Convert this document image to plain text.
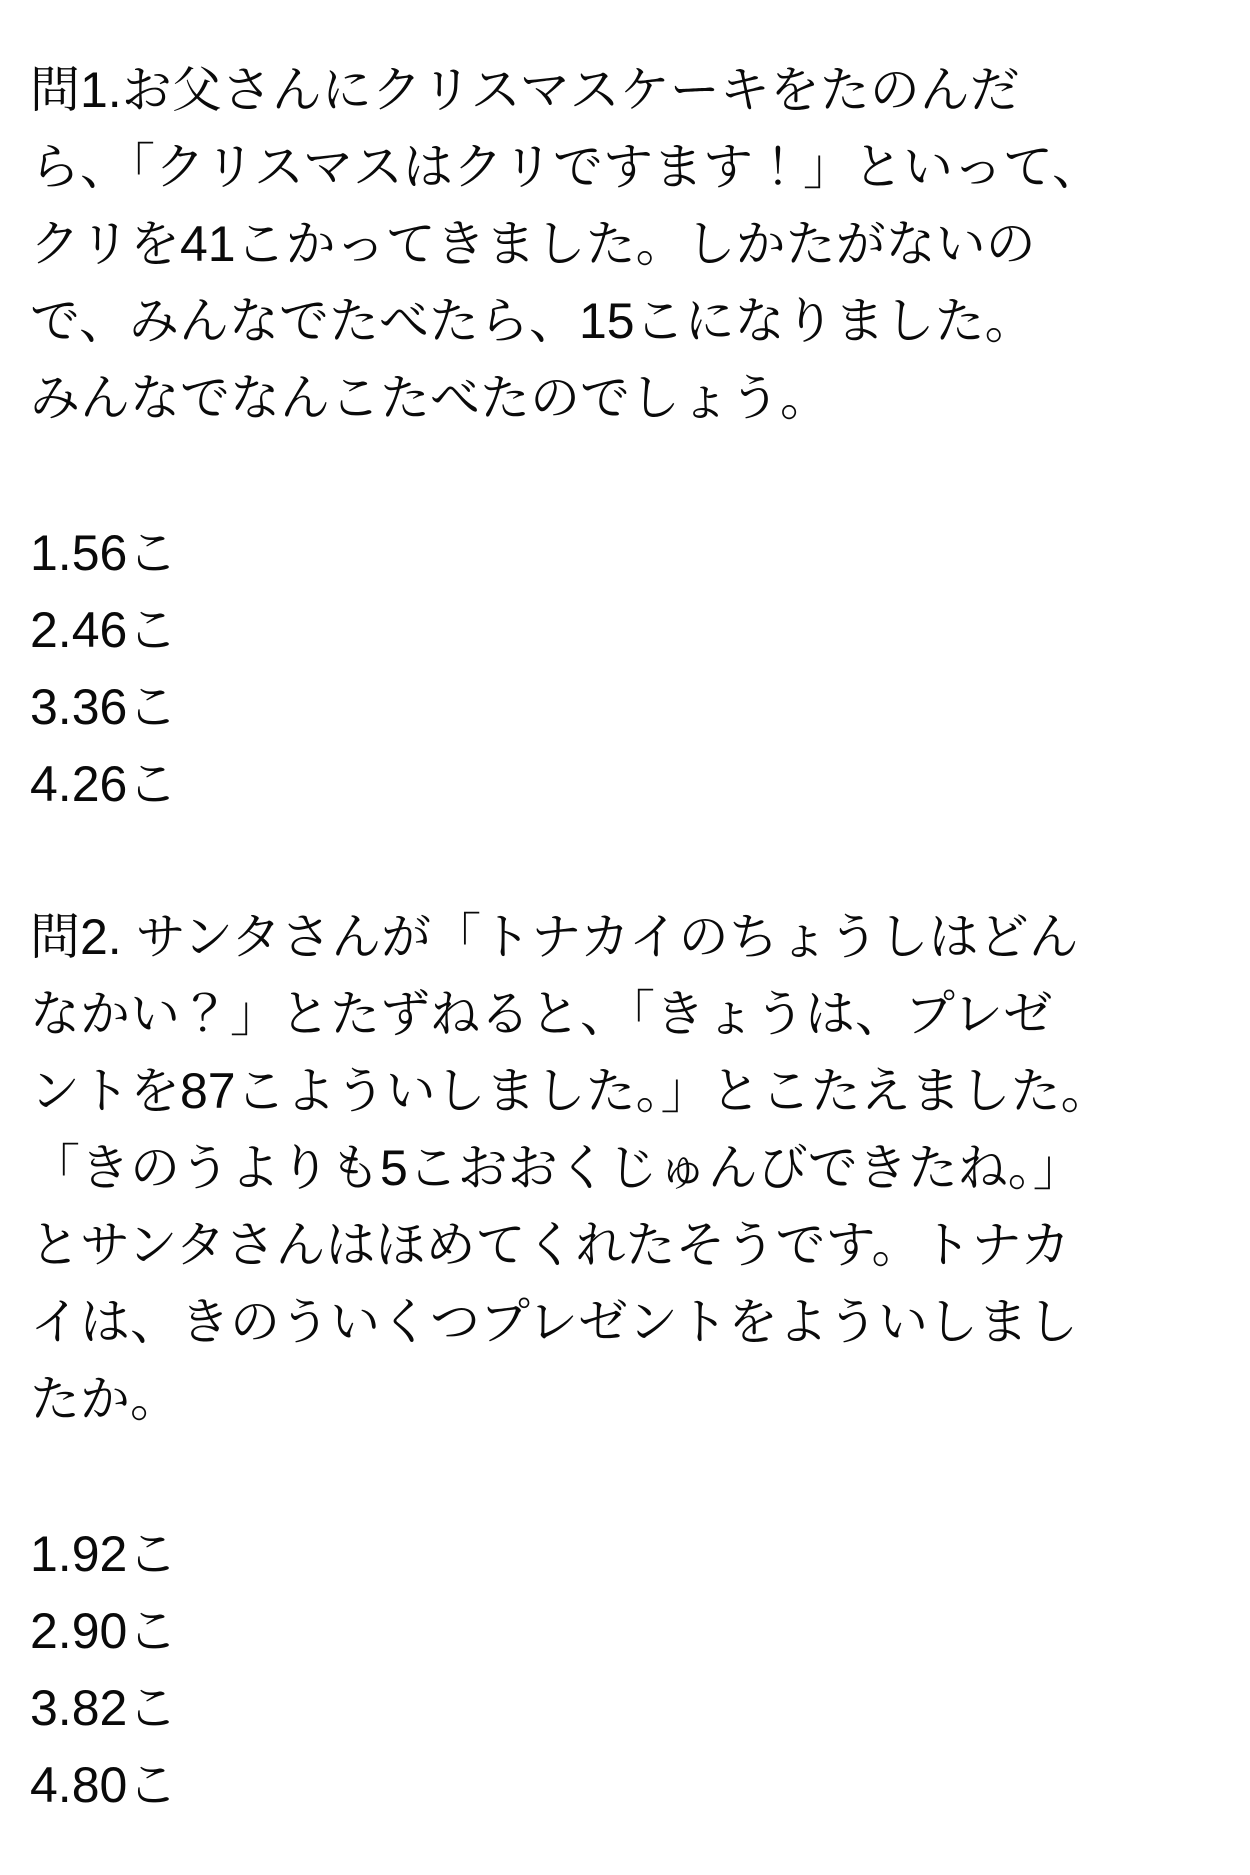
問1.お父さんにクリスマスケーキをたのんだ
ら、「クリスマスはクリですます！」といって、
クリを41こかってきました。しかたがないの
で、みんなでたべたら、15こになりました。
みんなでなんこたべたのでしょう。

1.56こ
2.46こ
3.36こ
4.26こ

問2. サンタさんが「トナカイのちょうしはどん
なかい？」とたずねると、「きょうは、プレゼ
ントを87こよういしました。」とこたえました。
「きのうよりも5こおおくじゅんびできたね。」
とサンタさんはほめてくれたそうです。トナカ
イは、きのういくつプレゼントをよういしまし
たか。

1.92こ
2.90こ
3.82こ
4.80こ
